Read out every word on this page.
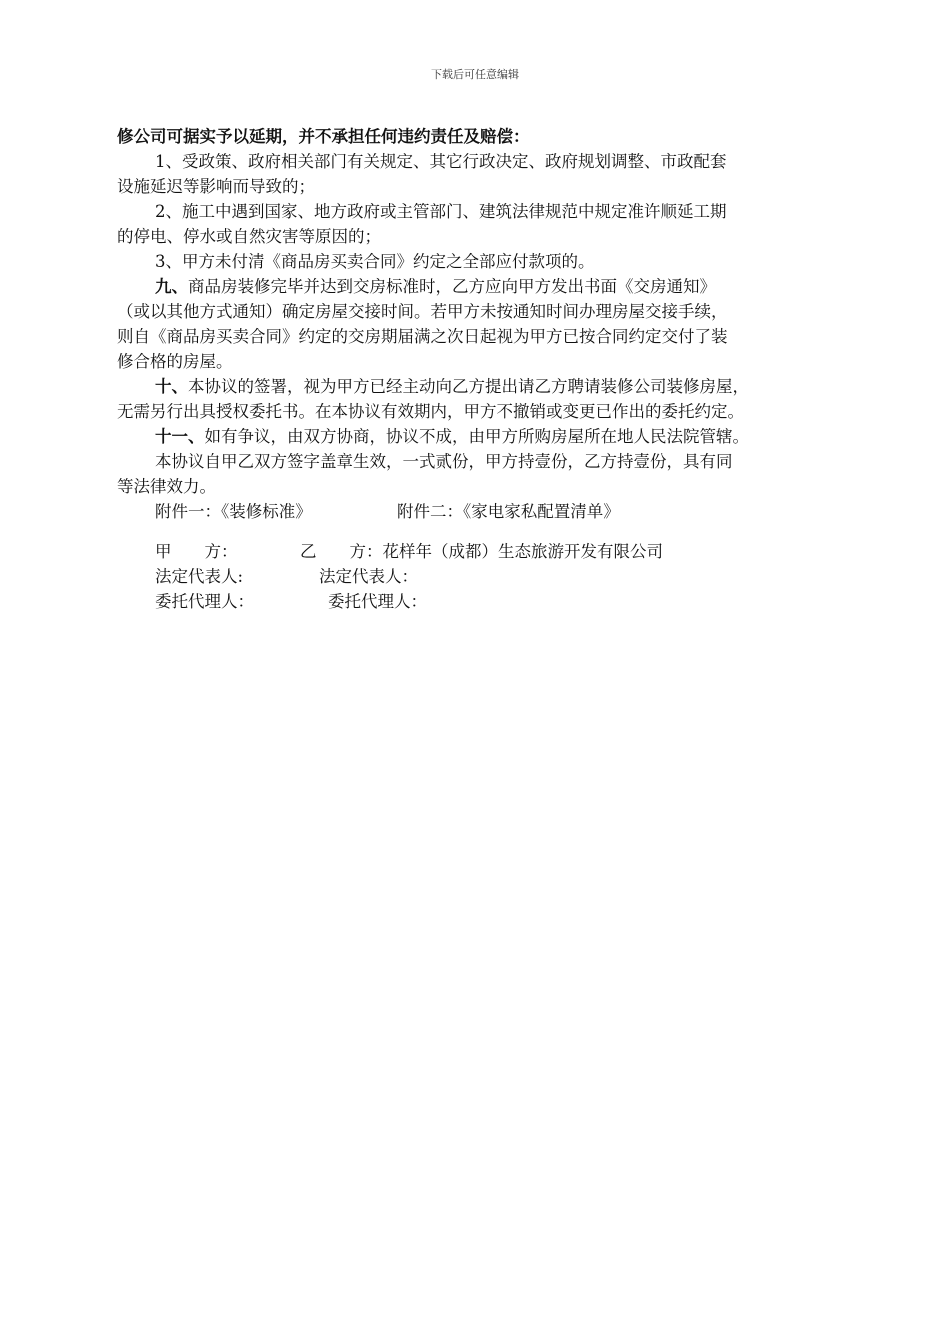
下载后可任意编辑
修公司可据实予以延期，并不承担任何违约责任及赔偿：
1、受政策、政府相关部门有关规定、其它行政决定、政府规划调整、市政配套
设施延迟等影响而导致的；
2、施工中遇到国家、地方政府或主管部门、建筑法律规范中规定准许顺延工期
的停电、停水或自然灾害等原因的；
3、甲方未付清《商品房买卖合同》约定之全部应付款项的。
九、商品房装修完毕并达到交房标准时，乙方应向甲方发出书面《交房通知》
（或以其他方式通知）确定房屋交接时间。若甲方未按通知时间办理房屋交接手续，
则自《商品房买卖合同》约定的交房期届满之次日起视为甲方已按合同约定交付了装
修合格的房屋。
十、本协议的签署，视为甲方已经主动向乙方提出请乙方聘请装修公司装修房屋，
无需另行出具授权委托书。在本协议有效期内，甲方不撤销或变更已作出的委托约定。
十一、如有争议，由双方协商，协议不成，由甲方所购房屋所在地人民法院管辖。
本协议自甲乙双方签字盖章生效，一式贰份，甲方持壹份，乙方持壹份，具有同
等法律效力。
附件一：《装修标准》	附件二：《家电家私配置清单》
甲　　方：	乙　　方：花样年（成都）生态旅游开发有限公司
法定代表人:	法定代表人：
委托代理人：	委托代理人：
